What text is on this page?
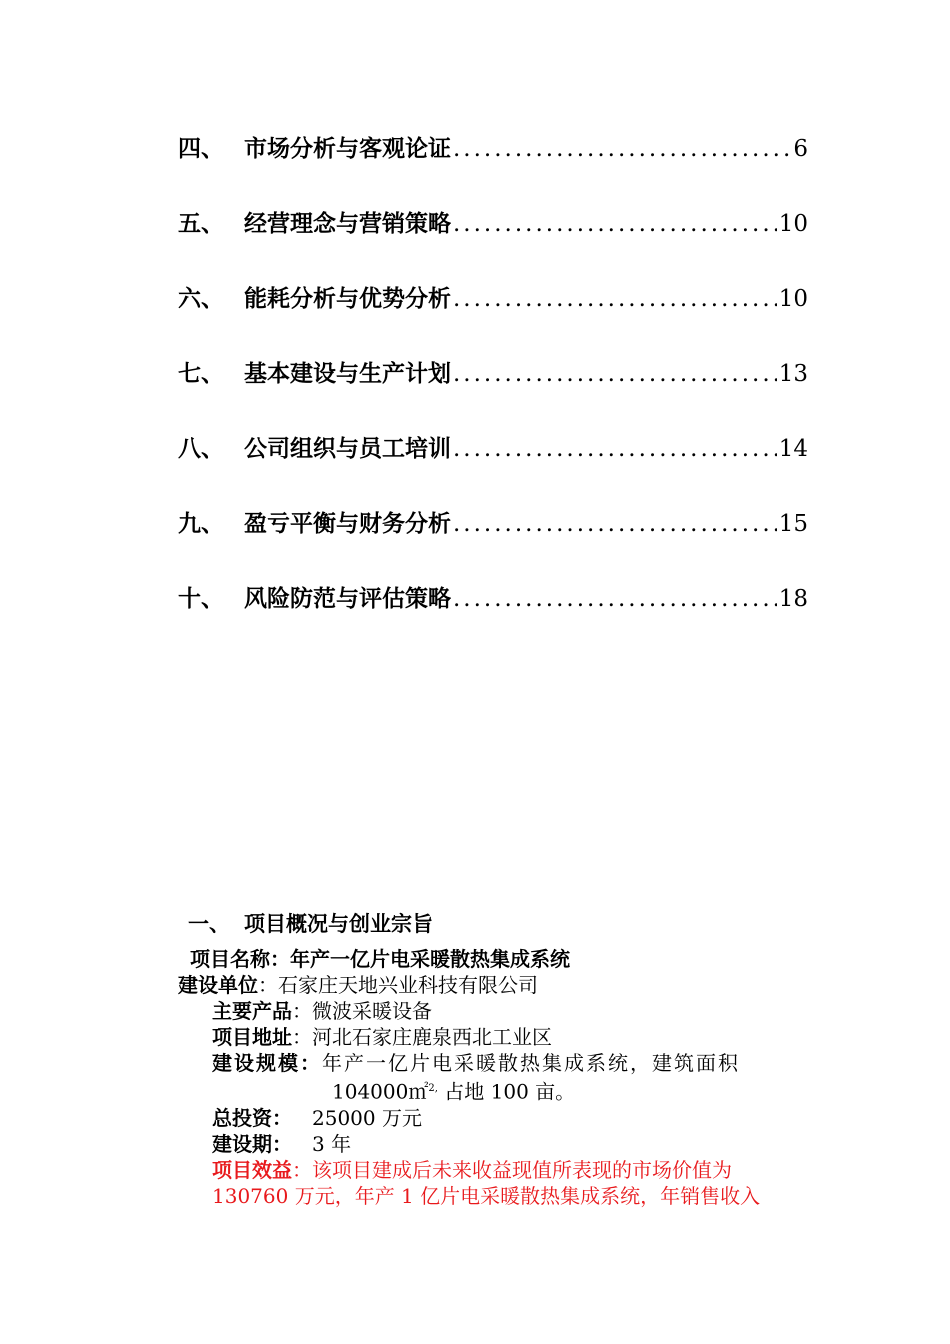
四、 市场分析与客观论证 .....	6
五、 经营理念与营销策略 .....	10
六、 能耗分析与优势分析 .....	10
七、 基本建设与生产计划 .....	13
八、 公司组织与员工培训 .....	14
九、 盈亏平衡与财务分析 .....	15
十、 风险防范与评估策略 .....	18
一、 项目概况与创业宗旨
项目名称：年产一亿片电采暖散热集成系统
建设单位：石家庄天地兴业科技有限公司
主要产品：微波采暖设备
项目地址：河北石家庄鹿泉西北工业区
建设规模：年产一亿片电采暖散热集成系统，建筑面积
104000㎡$^{2,}$ 占地 100 亩。
总投资： 25000 万元
建设期： 3 年
项目效益：该项目建成后未来收益现值所表现的市场价值为
130760 万元，年产 1 亿片电采暖散热集成系统，年销售收入
